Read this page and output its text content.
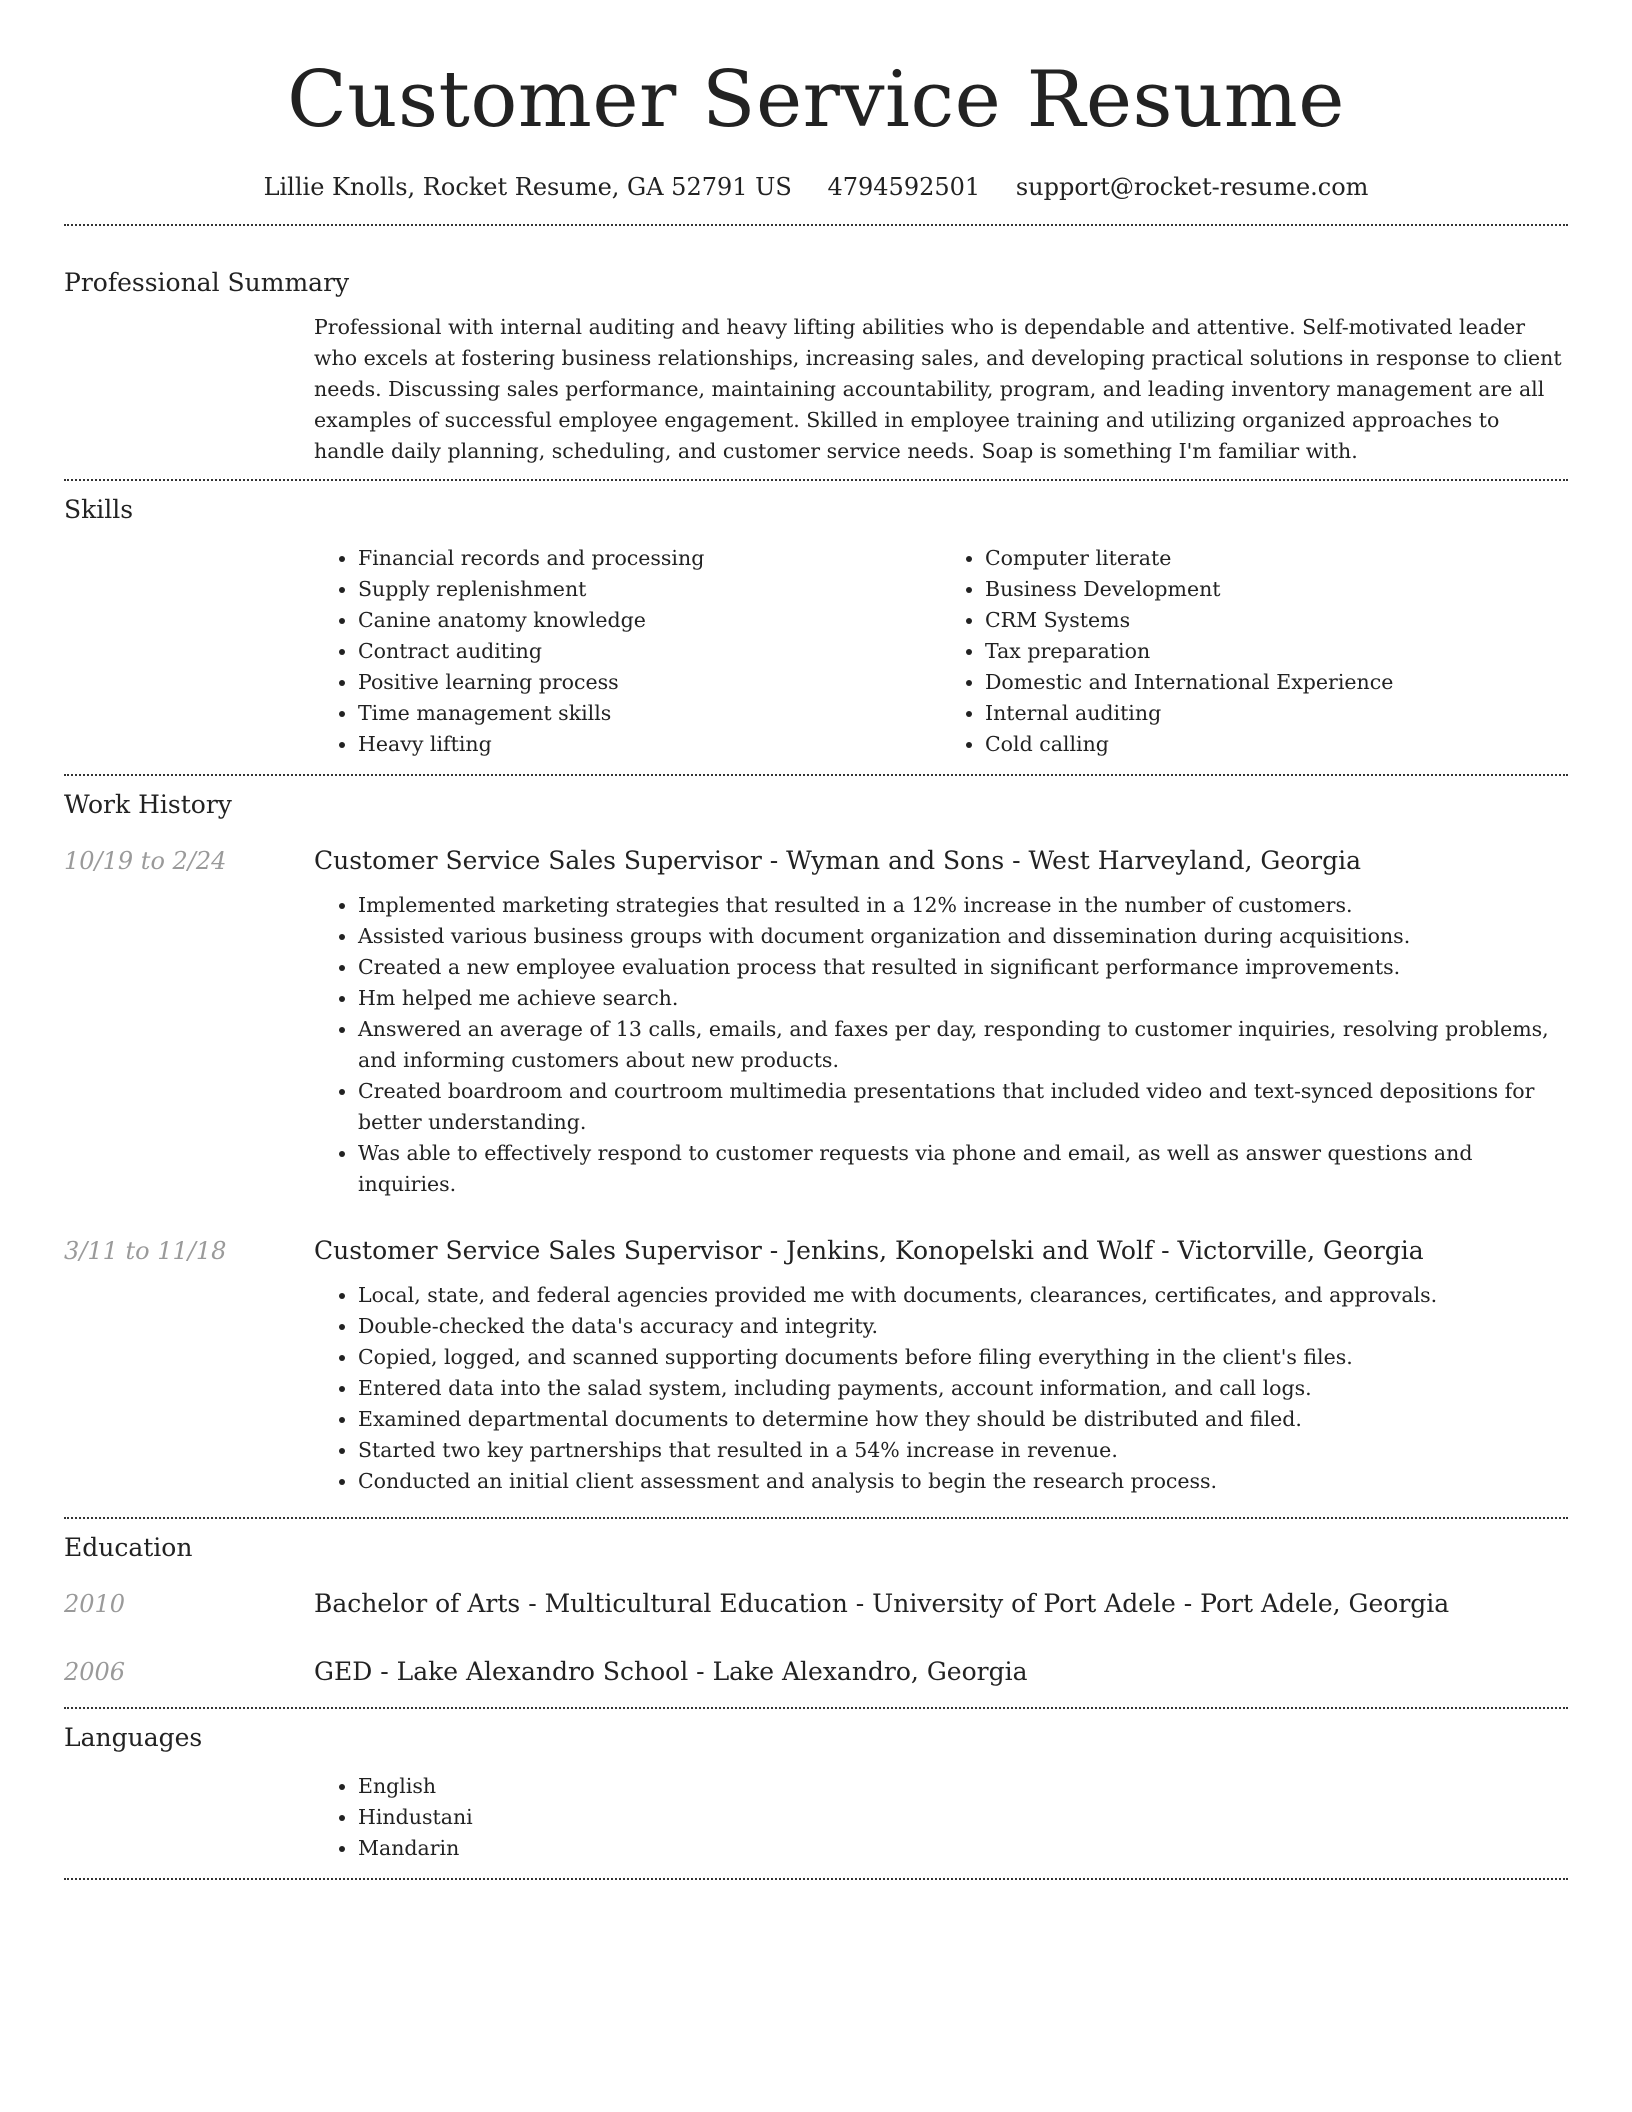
Customer Service Resume
Lillie Knolls, Rocket Resume, GA 52791 US 4794592501 support@rocket-resume.com
Professional Summary

Professional with internal auditing and heavy lifting abilities who is dependable and attentive. Self-motivated leader who excels at fostering business relationships, increasing sales, and developing practical solutions in response to client needs. Discussing sales performance, maintaining accountability, program, and leading inventory management are all examples of successful employee engagement. Skilled in employee training and utilizing organized approaches to handle daily planning, scheduling, and customer service needs. Soap is something I'm familiar with.

Skills
• Financial records and processing
• Supply replenishment
• Canine anatomy knowledge
• Contract auditing
• Positive learning process
• Time management skills
• Heavy lifting
• Computer literate
• Business Development
• CRM Systems
• Tax preparation
• Domestic and International Experience
• Internal auditing
• Cold calling
Work History
10/19 to 2/24	Customer Service Sales Supervisor - Wyman and Sons - West Harveyland, Georgia
• Implemented marketing strategies that resulted in a 12% increase in the number of customers.
• Assisted various business groups with document organization and dissemination during acquisitions.
• Created a new employee evaluation process that resulted in significant performance improvements.
• Hm helped me achieve search.
• Answered an average of 13 calls, emails, and faxes per day, responding to customer inquiries, resolving problems, and informing customers about new products.
• Created boardroom and courtroom multimedia presentations that included video and text-synced depositions for better understanding.
• Was able to effectively respond to customer requests via phone and email, as well as answer questions and inquiries.
3/11 to 11/18	Customer Service Sales Supervisor - Jenkins, Konopelski and Wolf - Victorville, Georgia
• Local, state, and federal agencies provided me with documents, clearances, certificates, and approvals.
• Double-checked the data's accuracy and integrity.
• Copied, logged, and scanned supporting documents before filing everything in the client's files.
• Entered data into the salad system, including payments, account information, and call logs.
• Examined departmental documents to determine how they should be distributed and filed.
• Started two key partnerships that resulted in a 54% increase in revenue.
• Conducted an initial client assessment and analysis to begin the research process.
Education
2010	Bachelor of Arts - Multicultural Education - University of Port Adele - Port Adele, Georgia
2006	GED - Lake Alexandro School - Lake Alexandro, Georgia
Languages
• English
• Hindustani
• Mandarin
